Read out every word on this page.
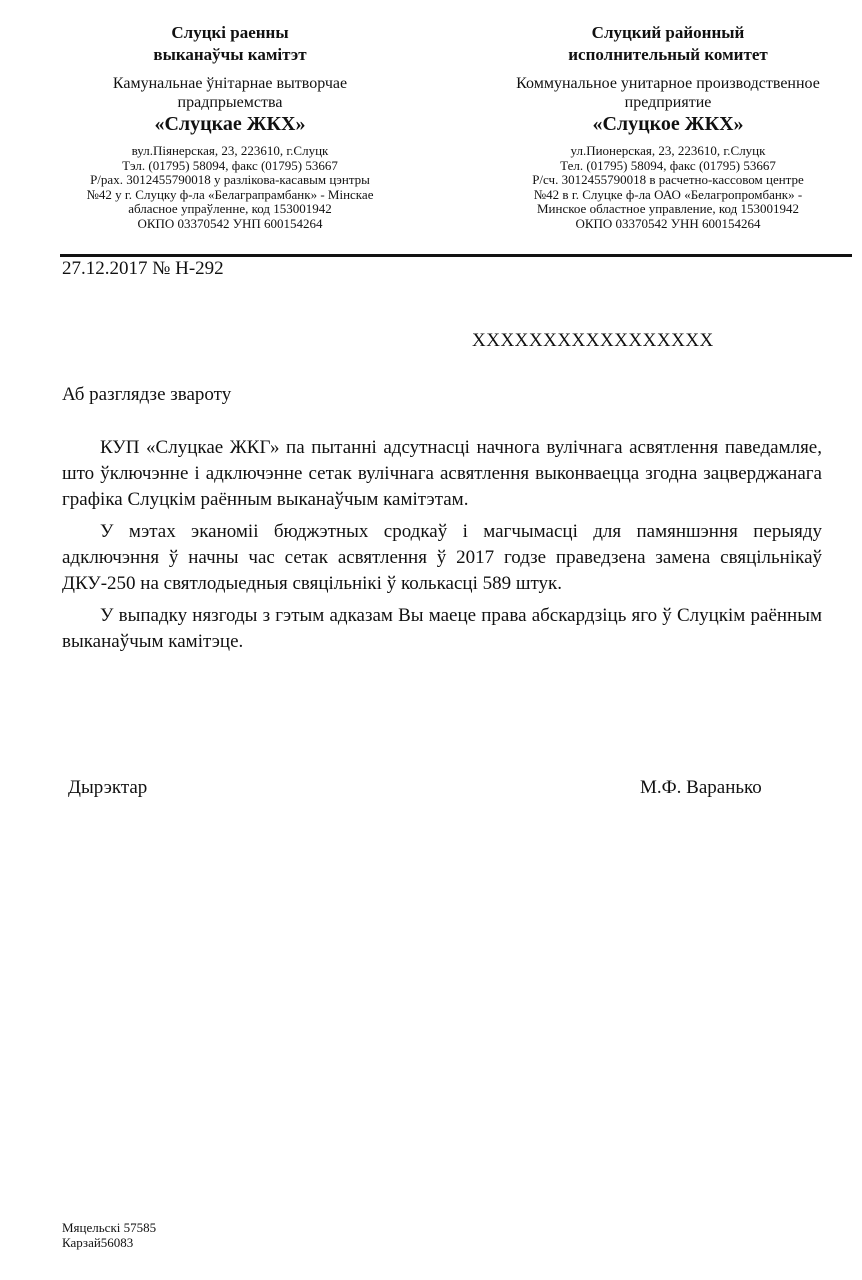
Слуцкі раенны
выканаўчы камітэт
Камунальнае ўнітарнае вытворчае
прадпрыемства
«Слуцкае ЖКХ»
вул.Піянерская, 23, 223610, г.Слуцк
Тэл. (01795) 58094, факс (01795) 53667
Р/рах. 3012455790018 у разлікова-касавым цэнтры
№42 у г. Слуцку ф-ла «Белаграпрамбанк» - Мінскае
абласное упраўленне, код 153001942
ОКПО 03370542 УНП 600154264
Слуцкий районный
исполнительный комитет
Коммунальное унитарное производственное
предприятие
«Слуцкое ЖКХ»
ул.Пионерская, 23, 223610, г.Слуцк
Тел. (01795) 58094, факс (01795) 53667
Р/сч. 3012455790018 в расчетно-кассовом центре
№42 в г. Слуцке ф-ла ОАО «Белагропромбанк» -
Минское областное управление, код 153001942
ОКПО 03370542 УНН 600154264
27.12.2017 № Н-292
ХХХХХХХХХХХХХХХХХ
Аб разглядзе звароту

КУП «Слуцкае ЖКГ» па пытанні адсутнасці начнога вулічнага асвятлення паведамляе, што ўключэнне і адключэнне сетак вулічнага асвятлення выконваецца згодна зацверджанага графіка Слуцкім раённым выканаўчым камітэтам.

У мэтах эканоміі бюджэтных сродкаў і магчымасці для памяншэння перыяду адключэння ў начны час сетак асвятлення ў 2017 годзе праведзена замена свяцільнікаў ДКУ-250 на святлодыедныя свяцільнікі ў колькасці 589 штук.

У выпадку нязгоды з гэтым адказам Вы маеце права абскардзіць яго ў Слуцкім раённым выканаўчым камітэце.

Дырэктар	М.Ф. Варанько
Мяцельскі 57585
Карзай56083
